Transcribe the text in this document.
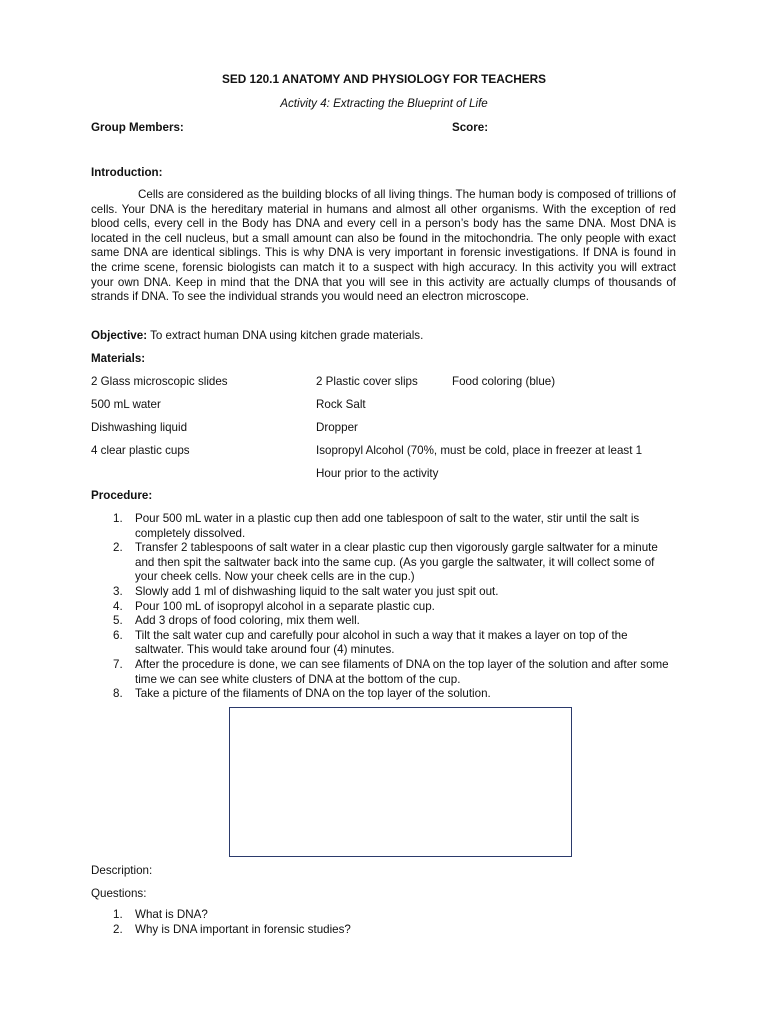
SED 120.1 ANATOMY AND PHYSIOLOGY FOR TEACHERS
Activity 4: Extracting the Blueprint of Life
Group Members:	Score:
Introduction:

Cells are considered as the building blocks of all living things. The human body is composed of trillions of cells. Your DNA is the hereditary material in humans and almost all other organisms. With the exception of red blood cells, every cell in the Body has DNA and every cell in a person’s body has the same DNA. Most DNA is located in the cell nucleus, but a small amount can also be found in the mitochondria. The only people with exact same DNA are identical siblings. This is why DNA is very important in forensic investigations. If DNA is found in the crime scene, forensic biologists can match it to a suspect with high accuracy. In this activity you will extract your own DNA. Keep in mind that the DNA that you will see in this activity are actually clumps of thousands of strands if DNA. To see the individual strands you would need an electron microscope.

Objective: To extract human DNA using kitchen grade materials.
Materials:
2 Glass microscopic slides	2 Plastic cover slips	Food coloring (blue)
500 mL water	Rock Salt
Dishwashing liquid	Dropper
4 clear plastic cups	Isopropyl Alcohol (70%, must be cold, place in freezer at least 1
Hour prior to the activity
Procedure:
1. Pour 500 mL water in a plastic cup then add one tablespoon of salt to the water, stir until the salt is completely dissolved.
2. Transfer 2 tablespoons of salt water in a clear plastic cup then vigorously gargle saltwater for a minute and then spit the saltwater back into the same cup. (As you gargle the saltwater, it will collect some of your cheek cells. Now your cheek cells are in the cup.)
3. Slowly add 1 ml of dishwashing liquid to the salt water you just spit out.
4. Pour 100 mL of isopropyl alcohol in a separate plastic cup.
5. Add 3 drops of food coloring, mix them well.
6. Tilt the salt water cup and carefully pour alcohol in such a way that it makes a layer on top of the saltwater. This would take around four (4) minutes.
7. After the procedure is done, we can see filaments of DNA on the top layer of the solution and after some time we can see white clusters of DNA at the bottom of the cup.
8. Take a picture of the filaments of DNA on the top layer of the solution.
Description:
Questions:
1. What is DNA?
2. Why is DNA important in forensic studies?
